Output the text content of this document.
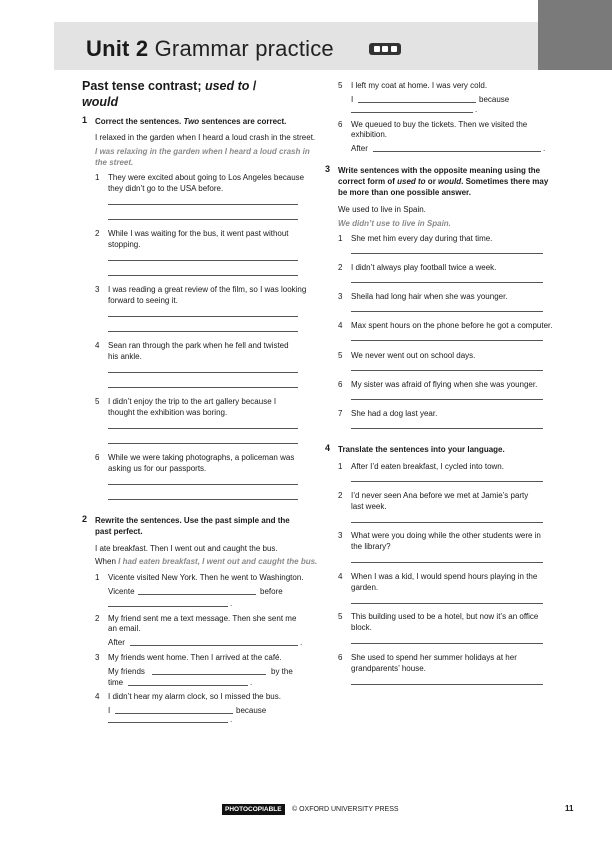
Unit 2 Grammar practice
Past tense contrast; used to /
would
1 Correct the sentences. Two sentences are correct.
I relaxed in the garden when I heard a loud crash in the street.
I was relaxing in the garden when I heard a loud crash in
the street.
2 Rewrite the sentences. Use the past simple and the
past perfect.
I ate breakfast. Then I went out and caught the bus.
When I had eaten breakfast, I went out and caught the bus.
1 Vicente visited New York. Then he went to Washington.
Vicente	before
.
2 My friend sent me a text message. Then she sent me
an email.
After	.
3 My friends went home. Then I arrived at the café.
My friends	by the
time	.
4 I didn’t hear my alarm clock, so I missed the bus.
I	because
.
5 I left my coat at home. I was very cold.
I	because
.
6 We queued to buy the tickets. Then we visited the
exhibition.
After	.
3 Write sentences with the opposite meaning using the
correct form of used to or would. Sometimes there may
be more than one possible answer.
We used to live in Spain.
We didn’t use to live in Spain.
4 Translate the sentences into your language.
PHOTOCOPIABLE	© OXFORD UNIVERSITY PRESS	11
1 They were excited about going to Los Angeles because
they didn’t go to the USA before.
2 While I was waiting for the bus, it went past without
stopping.
3 I was reading a great review of the film, so I was looking
forward to seeing it.
4 Sean ran through the park when he fell and twisted
his ankle.
5 I didn’t enjoy the trip to the art gallery because I
thought the exhibition was boring.
6 While we were taking photographs, a policeman was
asking us for our passports.
1 She met him every day during that time.
2 I didn’t always play football twice a week.
3 Sheila had long hair when she was younger.
4 Max spent hours on the phone before he got a computer.
5 We never went out on school days.
6 My sister was afraid of flying when she was younger.
7 She had a dog last year.
1 After I’d eaten breakfast, I cycled into town.
2 I’d never seen Ana before we met at Jamie’s party
last week.
3 What were you doing while the other students were in
the library?
4 When I was a kid, I would spend hours playing in the
garden.
5 This building used to be a hotel, but now it’s an office
block.
6 She used to spend her summer holidays at her
grandparents’ house.
